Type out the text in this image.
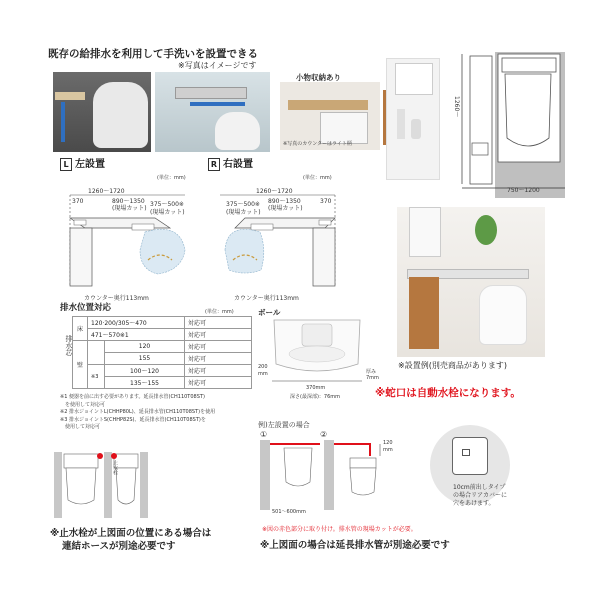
既存の給排水を利用して手洗いを設置できる
※写真はイメージです
小物収納あり
※写真のカウンターはライト柄
1260〜
750〜1200
L 左設置
(単位：mm)
1260〜1720
370	890〜1350
(現場カット)
375〜500※
(現場カット)
カウンター奥行113mm
R 右設置
(単位：mm)
1260〜1720
370
890〜1350
(現場カット)
375〜500※
(現場カット)
カウンター奥行113mm
※設置例(別売商品があります)
※蛇口は自動水栓になります。
排水位置対応	(単位：mm)
排水芯
床	120·200/305〜470		対応可
	471〜570※1		対応可
壁		120	対応可
		155	対応可
	※3	100〜120	対応可
		135〜155	対応可
※1 便器を前に出す必要があります。延長排水管(CH110T08ST)
　を使用して対応可
※2 排水ジョイントL(CHHP80L)、延長排水管(CH110T08ST)を使用
※3 排水ジョイントS(CHHP82S)、延長排水管(CH110T08ST)を
　使用して対応可
ボール
200
mm	厚み
7mm
370mm
深さ(最深部)：76mm
止水栓
※止水栓が上図面の位置にある場合は
連結ホースが別途必要です
例)左設置の場合
①	②
120
mm
501〜600mm
※図の赤色部分に取り付け。排水管の現場カットが必要。
※上図面の場合は延長排水管が別途必要です
10cm前出しタイプ
の場合リアカバーに
穴をあけます。
